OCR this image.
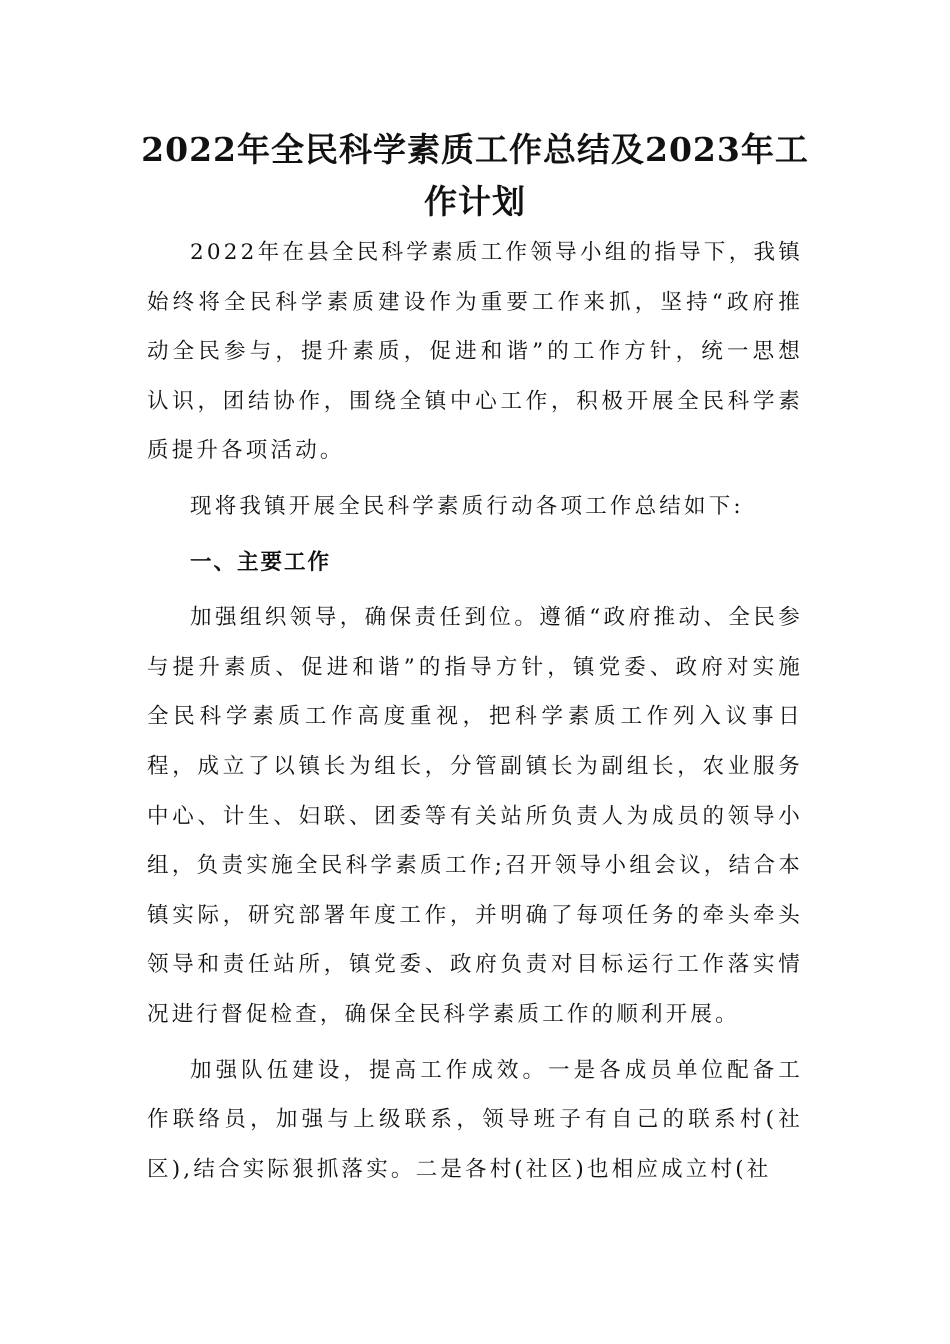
2022年全民科学素质工作总结及2023年工作计划

2022年在县全民科学素质工作领导小组的指导下，我镇始终将全民科学素质建设作为重要工作来抓，坚持“政府推动全民参与，提升素质，促进和谐”的工作方针，统一思想认识，团结协作，围绕全镇中心工作，积极开展全民科学素质提升各项活动。

现将我镇开展全民科学素质行动各项工作总结如下:

一、主要工作

加强组织领导，确保责任到位。遵循“政府推动、全民参与提升素质、促进和谐”的指导方针，镇党委、政府对实施全民科学素质工作高度重视，把科学素质工作列入议事日程，成立了以镇长为组长，分管副镇长为副组长，农业服务中心、计生、妇联、团委等有关站所负责人为成员的领导小组，负责实施全民科学素质工作;召开领导小组会议，结合本镇实际，研究部署年度工作，并明确了每项任务的牵头牵头领导和责任站所，镇党委、政府负责对目标运行工作落实情况进行督促检查，确保全民科学素质工作的顺利开展。

加强队伍建设，提高工作成效。一是各成员单位配备工作联络员，加强与上级联系，领导班子有自己的联系村(社区),结合实际狠抓落实。二是各村(社区)也相应成立村(社
